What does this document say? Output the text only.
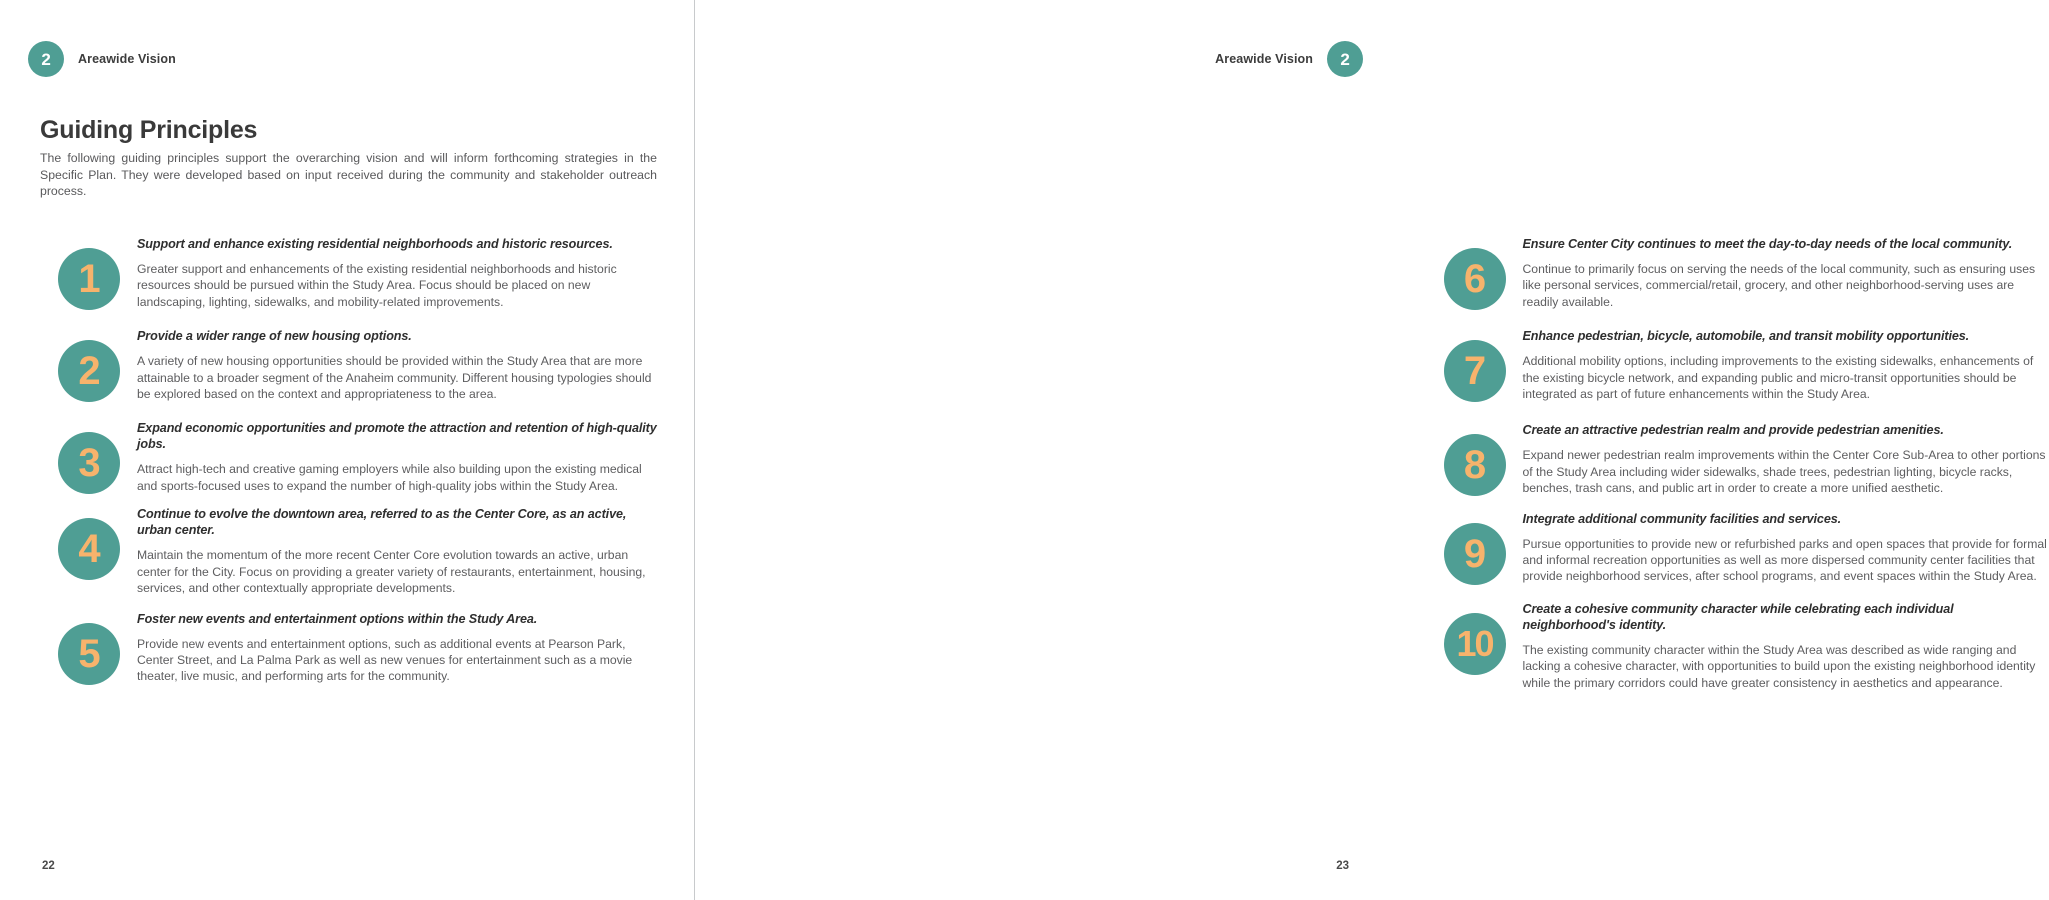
2	Areawide Vision
Guiding Principles

The following guiding principles support the overarching vision and will inform forthcoming strategies in the Specific Plan. They were developed based on input received during the community and stakeholder outreach process.

1

Support and enhance existing residential neighborhoods and historic resources.

Greater support and enhancements of the existing residential neighborhoods and historic resources should be pursued within the Study Area. Focus should be placed on new landscaping, lighting, sidewalks, and mobility-related improvements.

2

Provide a wider range of new housing options.

A variety of new housing opportunities should be provided within the Study Area that are more attainable to a broader segment of the Anaheim community. Different housing typologies should be explored based on the context and appropriateness to the area.

3

Expand economic opportunities and promote the attraction and retention of high-quality jobs.

Attract high-tech and creative gaming employers while also building upon the existing medical and sports-focused uses to expand the number of high-quality jobs within the Study Area.

4

Continue to evolve the downtown area, referred to as the Center Core, as an active, urban center.

Maintain the momentum of the more recent Center Core evolution towards an active, urban center for the City. Focus on providing a greater variety of restaurants, entertainment, housing, services, and other contextually appropriate developments.

5

Foster new events and entertainment options within the Study Area.

Provide new events and entertainment options, such as additional events at Pearson Park, Center Street, and La Palma Park as well as new venues for entertainment such as a movie theater, live music, and performing arts for the community.

22
Areawide Vision	2
6

Ensure Center City continues to meet the day-to-day needs of the local community.

Continue to primarily focus on serving the needs of the local community, such as ensuring uses like personal services, commercial/retail, grocery, and other neighborhood-serving uses are readily available.

7

Enhance pedestrian, bicycle, automobile, and transit mobility opportunities.

Additional mobility options, including improvements to the existing sidewalks, enhancements of the existing bicycle network, and expanding public and micro-transit opportunities should be integrated as part of future enhancements within the Study Area.

8

Create an attractive pedestrian realm and provide pedestrian amenities.

Expand newer pedestrian realm improvements within the Center Core Sub-Area to other portions of the Study Area including wider sidewalks, shade trees, pedestrian lighting, bicycle racks, benches, trash cans, and public art in order to create a more unified aesthetic.

9

Integrate additional community facilities and services.

Pursue opportunities to provide new or refurbished parks and open spaces that provide for formal and informal recreation opportunities as well as more dispersed community center facilities that provide neighborhood services, after school programs, and event spaces within the Study Area.

10

Create a cohesive community character while celebrating each individual neighborhood's identity.

The existing community character within the Study Area was described as wide ranging and lacking a cohesive character, with opportunities to build upon the existing neighborhood identity while the primary corridors could have greater consistency in aesthetics and appearance.

23
